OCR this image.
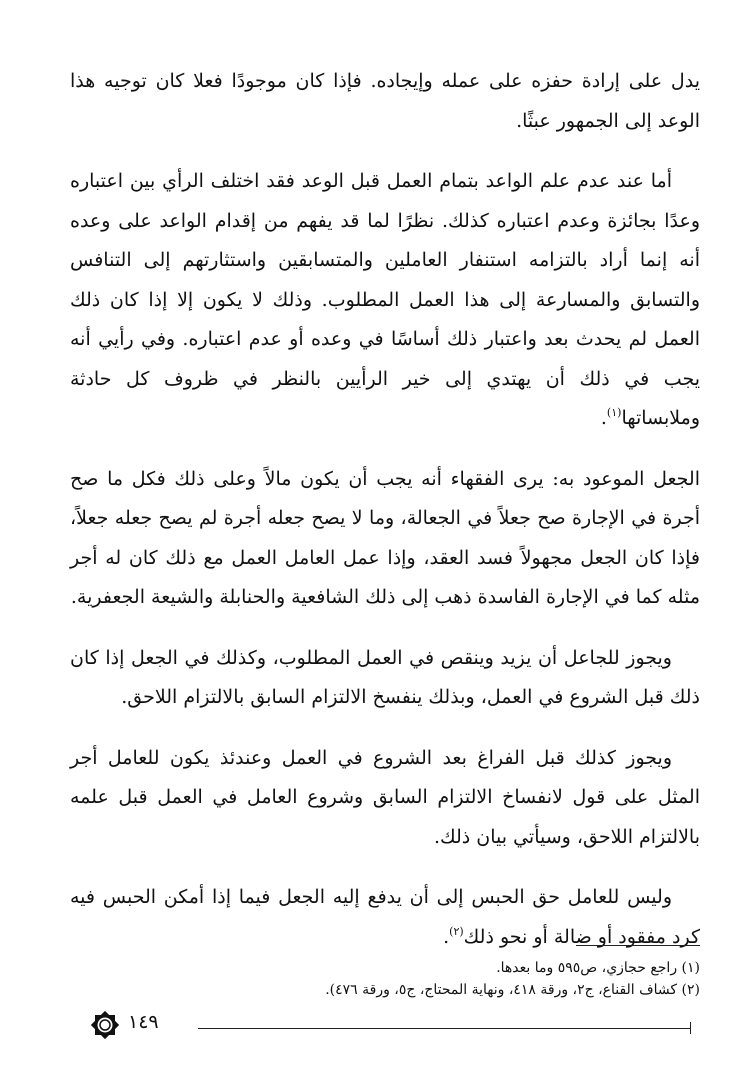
يدل على إرادة حفزه على عمله وإيجاده. فإذا كان موجودًا فعلا كان توجيه هذا الوعد إلى الجمهور عبثًا.

أما عند عدم علم الواعد بتمام العمل قبل الوعد فقد اختلف الرأي بين اعتباره وعدًا بجائزة وعدم اعتباره كذلك. نظرًا لما قد يفهم من إقدام الواعد على وعده أنه إنما أراد بالتزامه استنفار العاملين والمتسابقين واستثارتهم إلى التنافس والتسابق والمسارعة إلى هذا العمل المطلوب. وذلك لا يكون إلا إذا كان ذلك العمل لم يحدث بعد واعتبار ذلك أساسًا في وعده أو عدم اعتباره. وفي رأيي أنه يجب في ذلك أن يهتدي إلى خير الرأيين بالنظر في ظروف كل حادثة وملابساتها$^{(١)}$.

الجعل الموعود به: يرى الفقهاء أنه يجب أن يكون مالاً وعلى ذلك فكل ما صح أجرة في الإجارة صح جعلاً في الجعالة، وما لا يصح جعله أجرة لم يصح جعله جعلاً، فإذا كان الجعل مجهولاً فسد العقد، وإذا عمل العامل العمل مع ذلك كان له أجر مثله كما في الإجارة الفاسدة ذهب إلى ذلك الشافعية والحنابلة والشيعة الجعفرية.

ويجوز للجاعل أن يزيد وينقص في العمل المطلوب، وكذلك في الجعل إذا كان ذلك قبل الشروع في العمل، وبذلك ينفسخ الالتزام السابق بالالتزام اللاحق.

ويجوز كذلك قبل الفراغ بعد الشروع في العمل وعندئذ يكون للعامل أجر المثل على قول لانفساخ الالتزام السابق وشروع العامل في العمل قبل علمه بالالتزام اللاحق، وسيأتي بيان ذلك.

وليس للعامل حق الحبس إلى أن يدفع إليه الجعل فيما إذا أمكن الحبس فيه كرد مفقود أو ضالة أو نحو ذلك$^{(٢)}$.

(١) راجع حجازي، ص٥٩٥ وما بعدها.

(٢) كشاف القناع، ج٢، ورقة ٤١٨، ونهاية المحتاج، ج٥، ورقة ٤٧٦).

١٤٩
